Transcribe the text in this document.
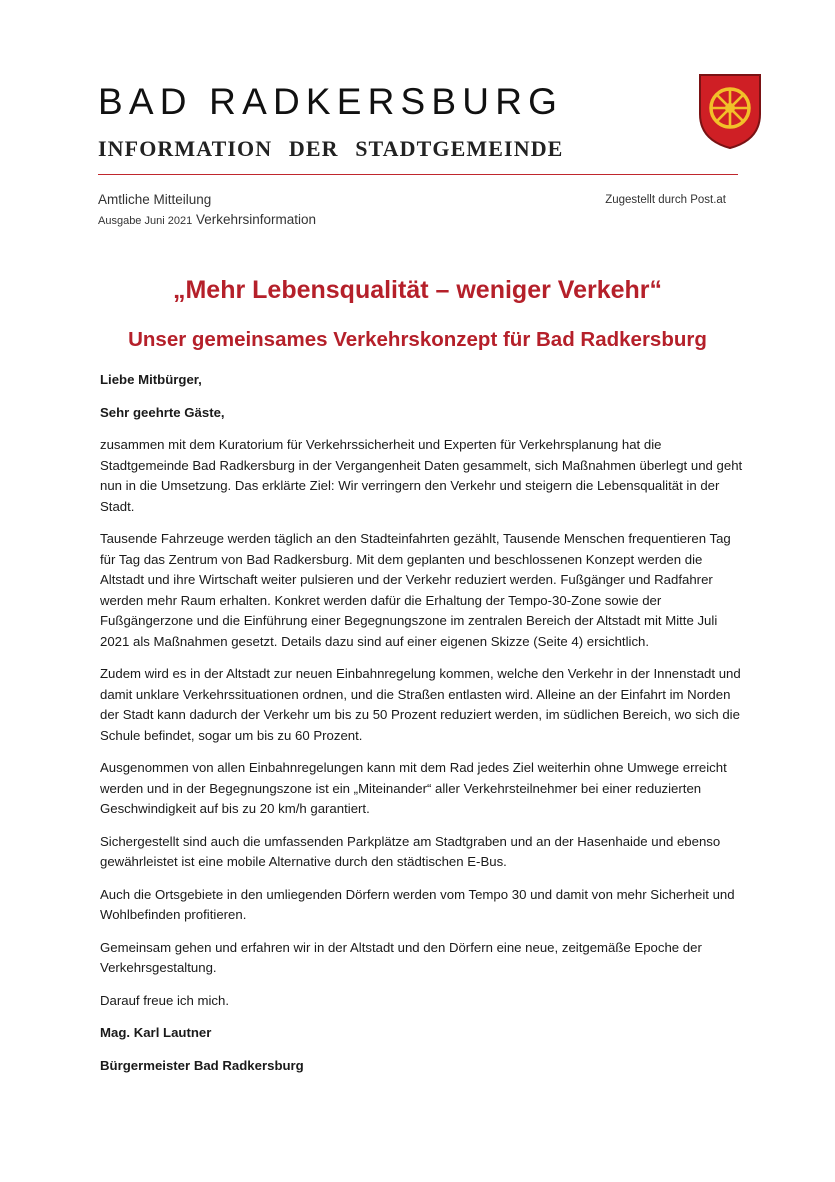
BAD RADKERSBURG
INFORMATION DER STADTGEMEINDE
Amtliche Mitteilung
Ausgabe Juni 2021 Verkehrsinformation
Zugestellt durch Post.at
„Mehr Lebensqualität – weniger Verkehr“
Unser gemeinsames Verkehrskonzept für Bad Radkersburg

Liebe Mitbürger,

Sehr geehrte Gäste,

zusammen mit dem Kuratorium für Verkehrssicherheit und Experten für Verkehrsplanung hat die Stadtgemeinde Bad Radkersburg in der Vergangenheit Daten gesammelt, sich Maßnahmen überlegt und geht nun in die Umsetzung. Das erklärte Ziel: Wir verringern den Verkehr und steigern die Lebensqualität in der Stadt.

Tausende Fahrzeuge werden täglich an den Stadteinfahrten gezählt, Tausende Menschen frequentieren Tag für Tag das Zentrum von Bad Radkersburg. Mit dem geplanten und beschlossenen Konzept werden die Altstadt und ihre Wirtschaft weiter pulsieren und der Verkehr reduziert werden. Fußgänger und Radfahrer werden mehr Raum erhalten. Konkret werden dafür die Erhaltung der Tempo-30-Zone sowie der Fußgängerzone und die Einführung einer Begegnungszone im zentralen Bereich der Altstadt mit Mitte Juli 2021 als Maßnahmen gesetzt. Details dazu sind auf einer eigenen Skizze (Seite 4) ersichtlich.

Zudem wird es in der Altstadt zur neuen Einbahnregelung kommen, welche den Verkehr in der Innenstadt und damit unklare Verkehrssituationen ordnen, und die Straßen entlasten wird. Alleine an der Einfahrt im Norden der Stadt kann dadurch der Verkehr um bis zu 50 Prozent reduziert werden, im südlichen Bereich, wo sich die Schule befindet, sogar um bis zu 60 Prozent.

Ausgenommen von allen Einbahnregelungen kann mit dem Rad jedes Ziel weiterhin ohne Umwege erreicht werden und in der Begegnungszone ist ein „Miteinander“ aller Verkehrsteilnehmer bei einer reduzierten Geschwindigkeit auf bis zu 20 km/h garantiert.

Sichergestellt sind auch die umfassenden Parkplätze am Stadtgraben und an der Hasenhaide und ebenso gewährleistet ist eine mobile Alternative durch den städtischen E-Bus.

Auch die Ortsgebiete in den umliegenden Dörfern werden vom Tempo 30 und damit von mehr Sicherheit und Wohlbefinden profitieren.

Gemeinsam gehen und erfahren wir in der Altstadt und den Dörfern eine neue, zeitgemäße Epoche der Verkehrsgestaltung.

Darauf freue ich mich.

Mag. Karl Lautner

Bürgermeister Bad Radkersburg
